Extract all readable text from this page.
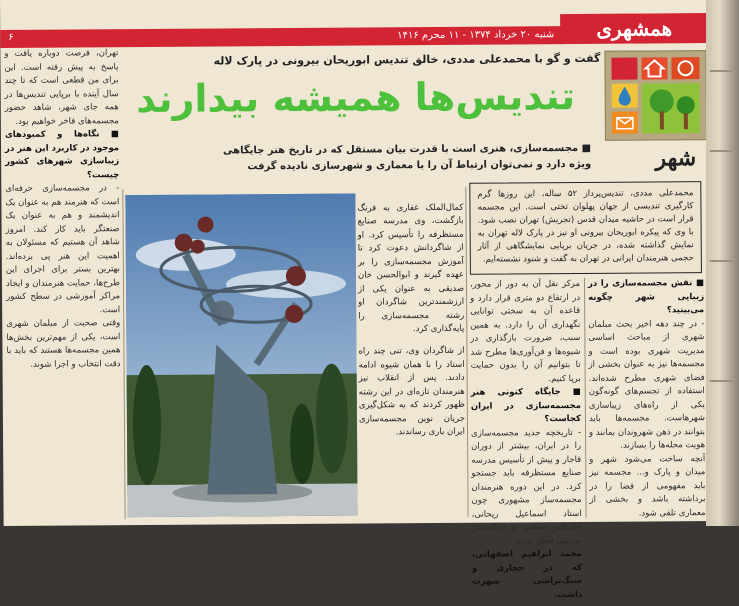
شنبه ۲۰ خرداد ۱۳۷۴ - ۱۱ محرم ۱۴۱۶
۶	همشهری
شهر
گفت و گو با محمدعلی مددی، خالق تندیس ابوریحان بیرونی در پارک لاله
تندیس‌ها همیشه بیدارند
■ مجسمه‌سازی، هنری است با قدرت بیان مستقل که در تاریخ هنر جایگاهی
ویژه دارد و نمی‌توان ارتباط آن را با معماری و شهرسازی نادیده گرفت
محمدعلی مددی، تندیس‌پرداز ۵۲ ساله، این روزها گرم کارگیری تندیسی از جهان پهلوان تختی است. این مجسمه قرار است در حاشیه میدان قدس (تجریش) تهران نصب شود. با وی که پیکره ابوریحان بیرونی او نیز در پارک لاله تهران به نمایش گذاشته شده، در جریان برپایی نمایشگاهی از آثار حجمی هنرمندان ایرانی در تهران به گفت و شنود نشسته‌ایم.

تهران، فرصت دوباره یافت و پاسخ به پیش رفته است. این برای من قطعی است که تا چند سال آینده با برپایی تندیس‌ها در همه جای شهر، شاهد حضور مجسمه‌های فاخر خواهیم بود.

■ نگاه‌ها و کمبودهای موجود در کاربرد این هنر در زیباسازی شهرهای کشور چیست؟

- در مجسمه‌سازی حرفه‌ای است که هنرمند هم به عنوان یک اندیشمند و هم به عنوان یک صنعتگر باید کار کند. امروز شاهد آن هستیم که مسئولان به اهمیت این هنر پی برده‌اند. بهترین بستر برای اجرای این طرح‌ها، حمایت هنرمندان و ایجاد مراکز آموزشی در سطح کشور است.

وقتی صحبت از مبلمان شهری است، یکی از مهم‌ترین بخش‌ها همین مجسمه‌ها هستند که باید با دقت انتخاب و اجرا شوند.

کمال‌الملک غفاری به فرنگ بازگشت، وی مدرسه صنایع مستظرفه را تأسیس کرد. او از شاگردانش دعوت کرد تا آموزش مجسمه‌سازی را بر عهده گیرند و ابوالحسن خان صدیقی به عنوان یکی از ارزشمندترین شاگردان او رشته مجسمه‌سازی را پایه‌گذاری کرد.

از شاگردان وی، تنی چند راه استاد را با همان شیوه ادامه دادند. پس از انقلاب نیز هنرمندان تازه‌ای در این رشته ظهور کردند که به شکل‌گیری جریان نوین مجسمه‌سازی ایران یاری رساندند.

مرکز نقل آن به دور از محور، در ارتفاع دو متری قرار دارد و قاعده آن به سختی توانایی نگهداری آن را دارد. به همین سبب، ضرورت بازگذاری در شیوه‌ها و فن‌آوری‌ها مطرح شد تا بتوانیم آن را بدون حمایت برپا کنیم.

■ جایگاه کنونی هنر مجسمه‌سازی در ایران کجاست؟

- تاریخچه جدید مجسمه‌سازی را در ایران، بیشتر از دوران قاجار و پیش از تأسیس مدرسه صنایع مستظرفه باید جستجو کرد. در این دوره هنرمندان مجسمه‌ساز مشهوری چون استاد اسماعیل ریحانی، علی‌اکبر صنعتی و ابوالحسن صدیقی فعال بودند.

محمد ابراهیم اصفهانی، که در حجاری و سنگ‌تراشی شهرت داشت.

■ نقش مجسمه‌سازی را در زیبایی شهر چگونه می‌بینید؟

- در چند دهه اخیر بحث مبلمان شهری از مباحث اساسی مدیریت شهری بوده است و مجسمه‌ها نیز به عنوان بخشی از فضای شهری مطرح شده‌اند. استفاده از تجسم‌های گونه‌گون یکی از راه‌های زیباسازی شهرهاست. مجسمه‌ها باید بتوانند در ذهن شهروندان بمانند و هویت محله‌ها را بسازند.

آنچه ساخت می‌شود شهر و میدان و پارک و... مجسمه نیز باید مفهومی از فضا را در برداشته باشد و بخشی از معماری تلقی شود.
